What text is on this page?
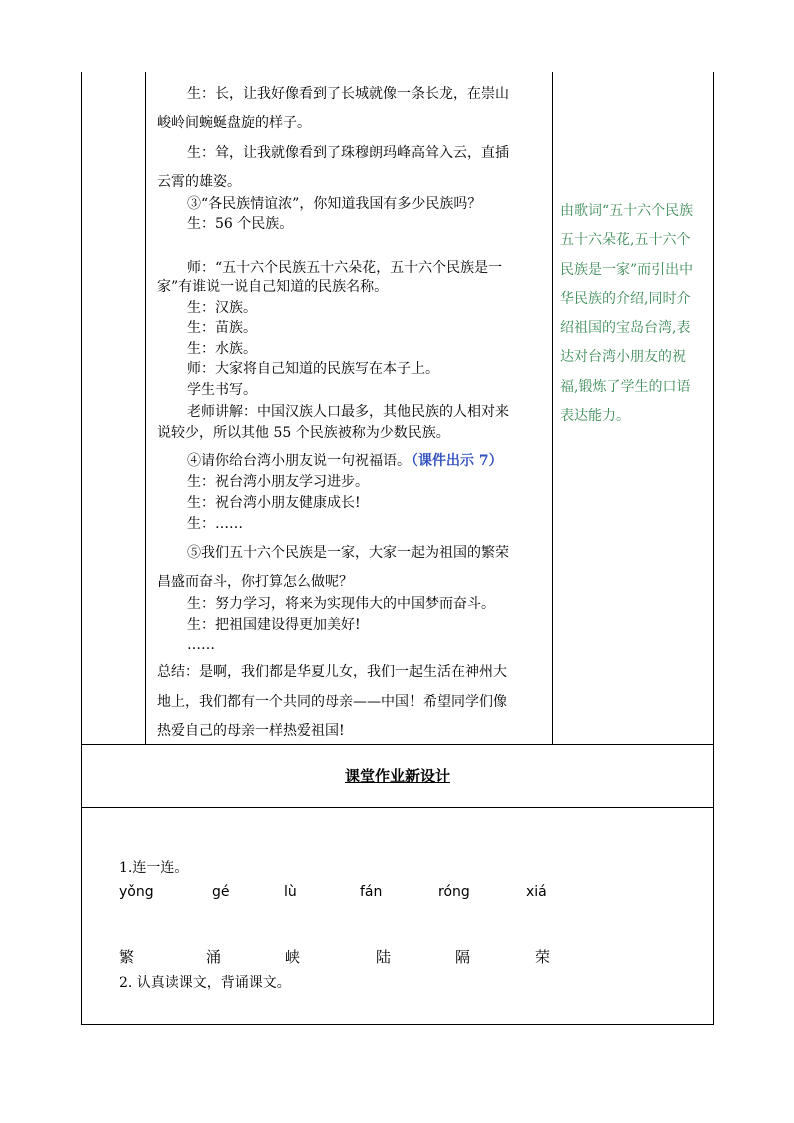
生：长，让我好像看到了长城就像一条长龙，在崇山
峻岭间蜿蜒盘旋的样子。
生：耸，让我就像看到了珠穆朗玛峰高耸入云，直插
云霄的雄姿。
③“各民族情谊浓”，你知道我国有多少民族吗？
生：56 个民族。
师：“五十六个民族五十六朵花，五十六个民族是一
家”有谁说一说自己知道的民族名称。
生：汉族。
生：苗族。
生：水族。
师：大家将自己知道的民族写在本子上。
学生书写。
老师讲解：中国汉族人口最多，其他民族的人相对来
说较少，所以其他 55 个民族被称为少数民族。
④请你给台湾小朋友说一句祝福语。（课件出示 7）
生：祝台湾小朋友学习进步。
生：祝台湾小朋友健康成长!
生：……
⑤我们五十六个民族是一家，大家一起为祖国的繁荣
昌盛而奋斗，你打算怎么做呢？
生：努力学习，将来为实现伟大的中国梦而奋斗。
生：把祖国建设得更加美好!
……
总结：是啊，我们都是华夏儿女，我们一起生活在神州大
地上，我们都有一个共同的母亲——中国！希望同学们像
热爱自己的母亲一样热爱祖国!
由歌词“五十六个民族
五十六朵花,五十六个
民族是一家”而引出中
华民族的介绍,同时介
绍祖国的宝岛台湾,表
达对台湾小朋友的祝
福,锻炼了学生的口语
表达能力。
课堂作业新设计
1.连一连。
yǒng	gé	lù	fán	róng	xiá
繁	涌	峡	陆	隔	荣
2. 认真读课文，背诵课文。
